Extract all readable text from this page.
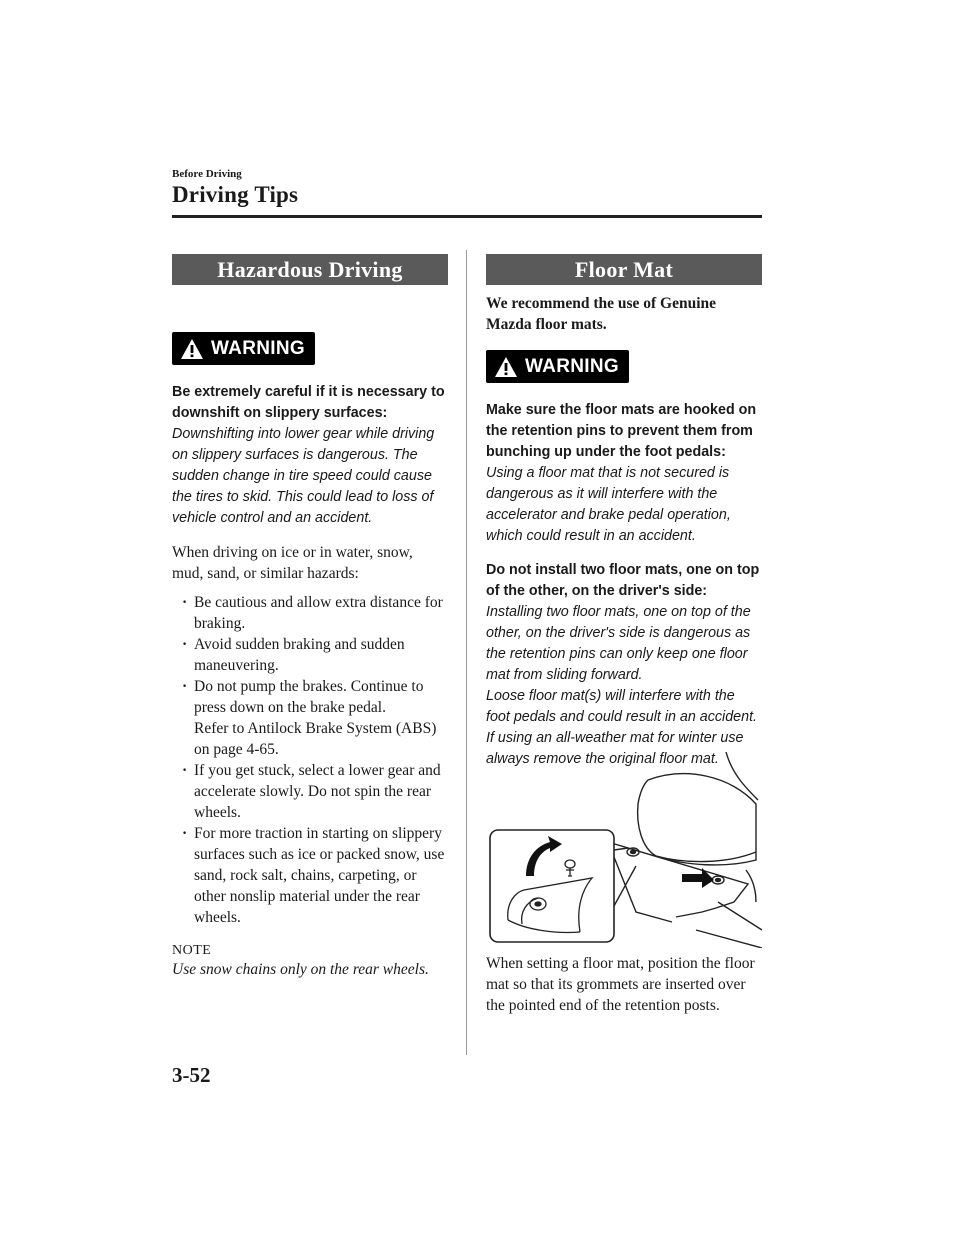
Before Driving
Driving Tips
Hazardous Driving
WARNING

Be extremely careful if it is necessary to downshift on slippery surfaces:

Downshifting into lower gear while driving on slippery surfaces is dangerous. The sudden change in tire speed could cause the tires to skid. This could lead to loss of vehicle control and an accident.

When driving on ice or in water, snow, mud, sand, or similar hazards:

· Be cautious and allow extra distance for braking.
· Avoid sudden braking and sudden maneuvering.
· Do not pump the brakes. Continue to press down on the brake pedal.
Refer to Antilock Brake System (ABS) on page 4-65.
· If you get stuck, select a lower gear and accelerate slowly. Do not spin the rear wheels.
· For more traction in starting on slippery surfaces such as ice or packed snow, use sand, rock salt, chains, carpeting, or other nonslip material under the rear wheels.

NOTE

Use snow chains only on the rear wheels.

Floor Mat

We recommend the use of Genuine Mazda floor mats.

WARNING

Make sure the floor mats are hooked on the retention pins to prevent them from bunching up under the foot pedals:

Using a floor mat that is not secured is dangerous as it will interfere with the accelerator and brake pedal operation, which could result in an accident.

Do not install two floor mats, one on top of the other, on the driver's side:

Installing two floor mats, one on top of the other, on the driver's side is dangerous as the retention pins can only keep one floor mat from sliding forward.

Loose floor mat(s) will interfere with the foot pedals and could result in an accident.

If using an all-weather mat for winter use always remove the original floor mat.

When setting a floor mat, position the floor mat so that its grommets are inserted over the pointed end of the retention posts.

3-52
